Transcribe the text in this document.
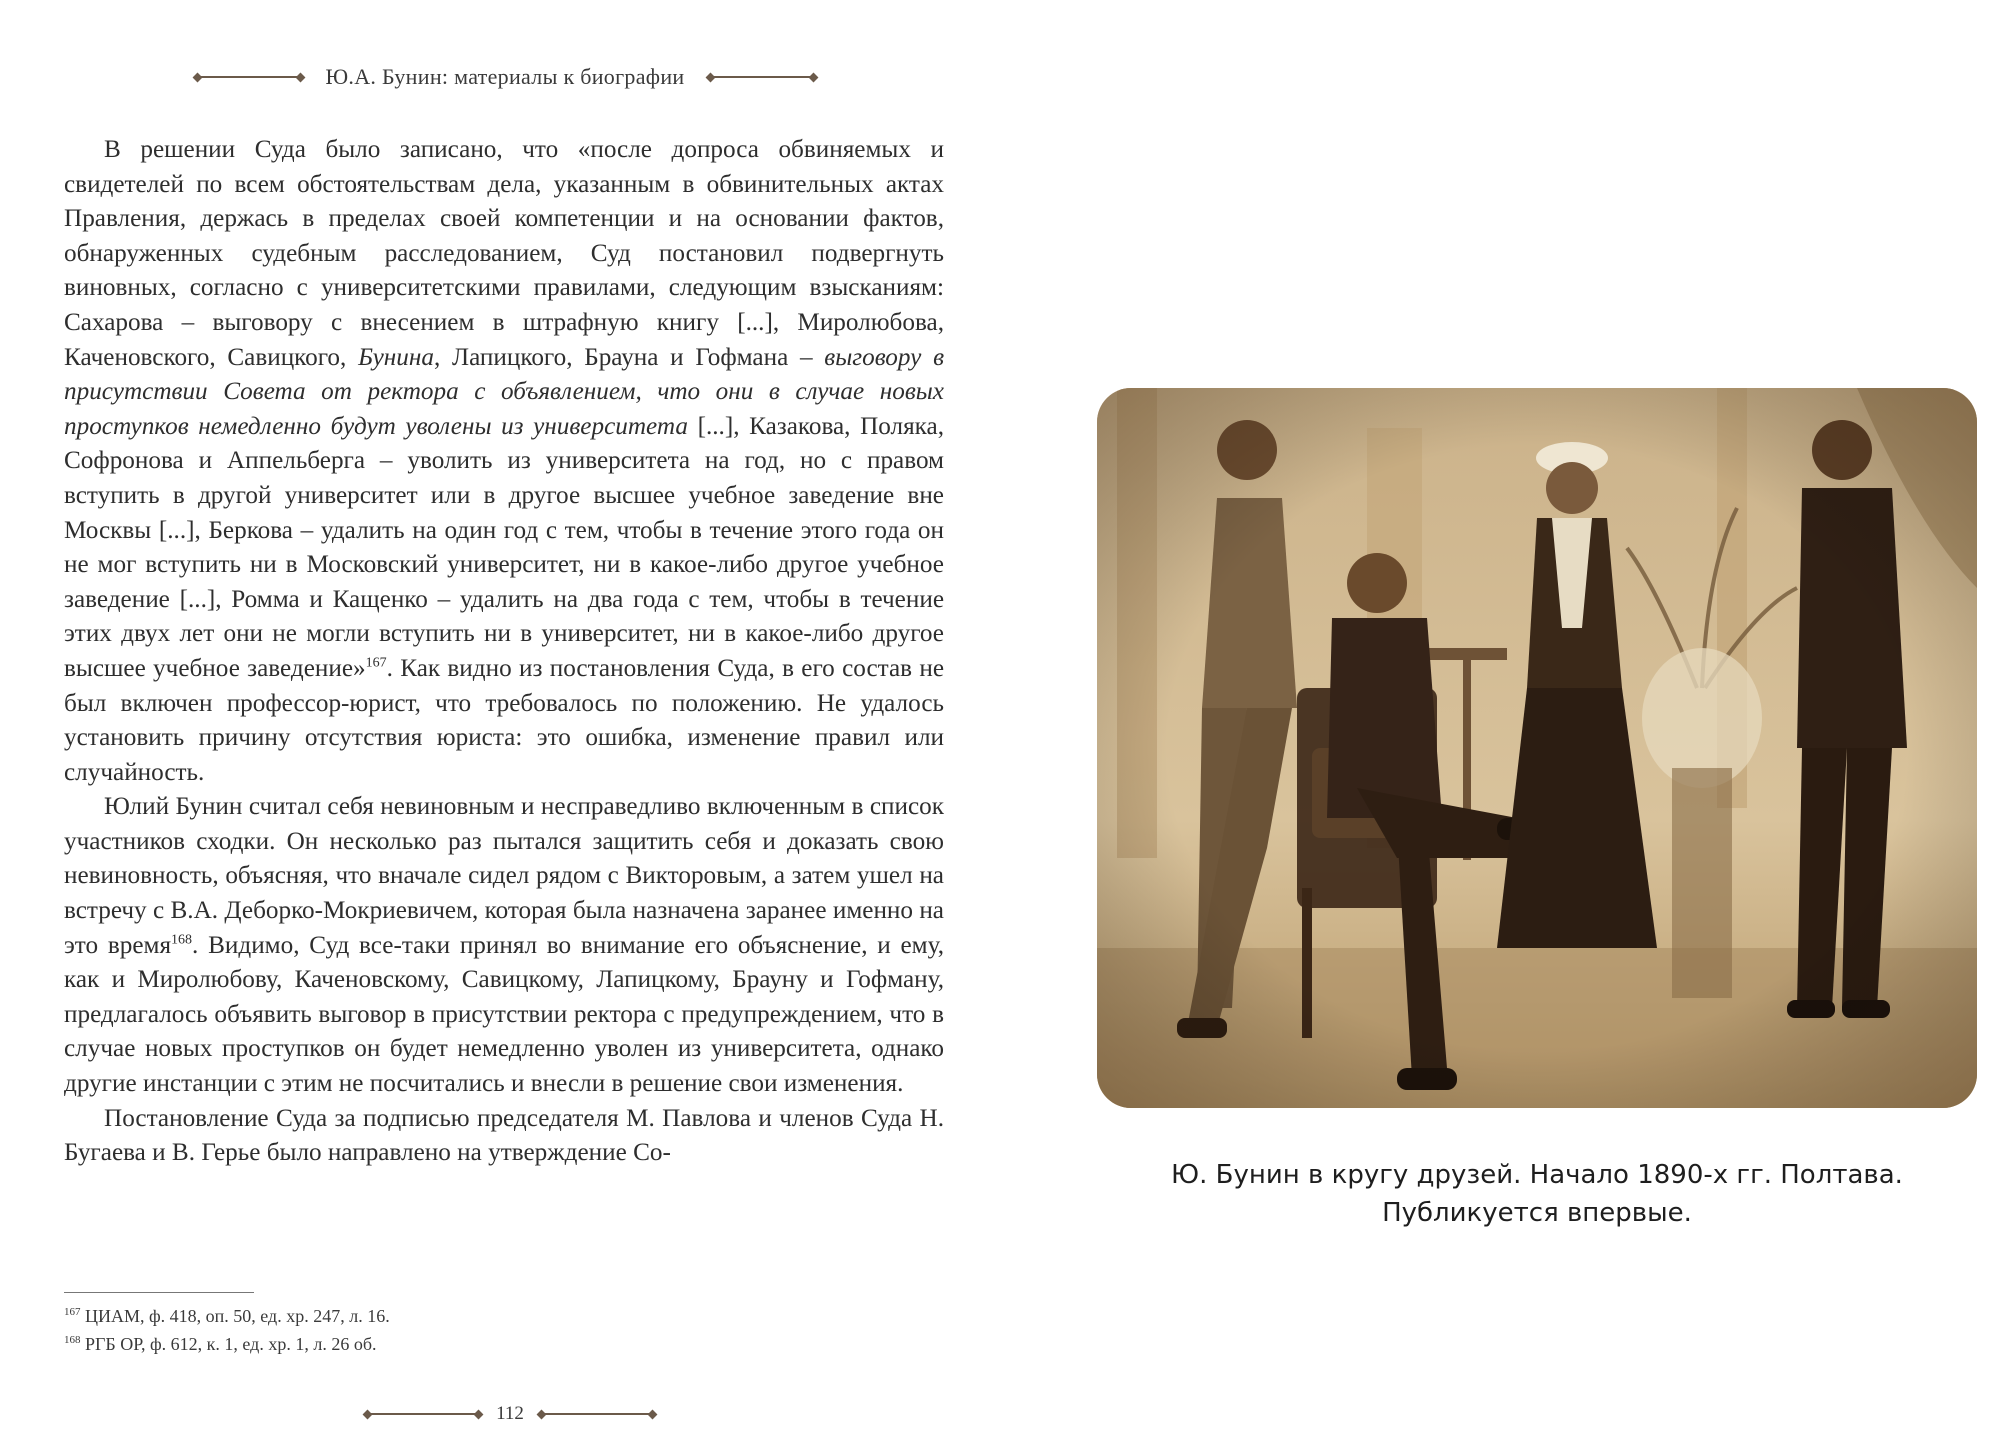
Ю.А. Бунин: материалы к биографии

В решении Суда было записано, что «после допроса обвиняемых и свидетелей по всем обстоятельствам дела, указанным в обвинительных актах Правления, держась в пределах своей компетенции и на основании фактов, обнаруженных судебным расследованием, Суд постановил подвергнуть виновных, согласно с университетскими правилами, следующим взысканиям: Сахарова – выговору с внесением в штрафную книгу [...], Миролюбова, Каченовского, Савицкого, Бунина, Лапицкого, Брауна и Гофмана – выговору в присутствии Совета от ректора с объявлением, что они в случае новых проступков немедленно будут уволены из университета [...], Казакова, Поляка, Софронова и Аппельберга – уволить из университета на год, но с правом вступить в другой университет или в другое высшее учебное заведение вне Москвы [...], Беркова – удалить на один год с тем, чтобы в течение этого года он не мог вступить ни в Московский университет, ни в какое-либо другое учебное заведение [...], Ромма и Кащенко – удалить на два года с тем, чтобы в течение этих двух лет они не могли вступить ни в университет, ни в какое-либо другое высшее учебное заведение»$^{167}$. Как видно из постановления Суда, в его состав не был включен профессор-юрист, что требовалось по положению. Не удалось установить причину отсутствия юриста: это ошибка, изменение правил или случайность.

Юлий Бунин считал себя невиновным и несправедливо включенным в список участников сходки. Он несколько раз пытался защитить себя и доказать свою невиновность, объясняя, что вначале сидел рядом с Викторовым, а затем ушел на встречу с В.А. Деборко-Мокриевичем, которая была назначена заранее именно на это время$^{168}$. Видимо, Суд все-таки принял во внимание его объяснение, и ему, как и Миролюбову, Каченовскому, Савицкому, Лапицкому, Брауну и Гофману, предлагалось объявить выговор в присутствии ректора с предупреждением, что в случае новых проступков он будет немедленно уволен из университета, однако другие инстанции с этим не посчитались и внесли в решение свои изменения.

Постановление Суда за подписью председателя М. Павлова и членов Суда Н. Бугаева и В. Герье было направлено на утверждение Со-

$^{167}$ ЦИАМ, ф. 418, оп. 50, ед. хр. 247, л. 16.
$^{168}$ РГБ ОР, ф. 612, к. 1, ед. хр. 1, л. 26 об.
112
Ю. Бунин в кругу друзей. Начало 1890-х гг. Полтава.
Публикуется впервые.
